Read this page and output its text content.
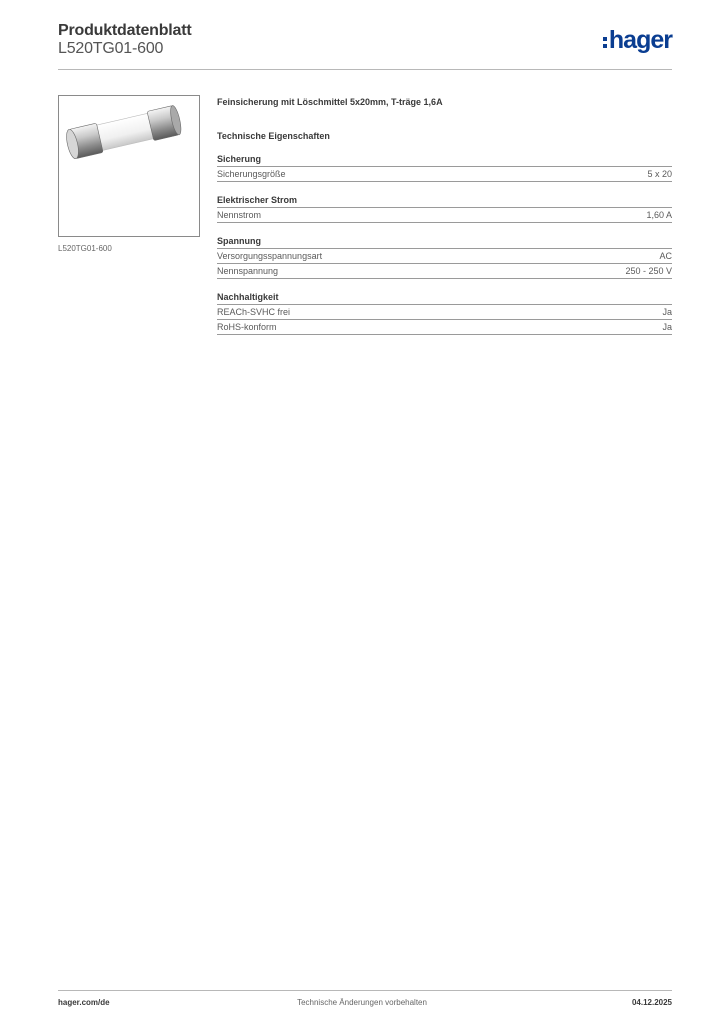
Produktdatenblatt
L520TG01-600	hager
L520TG01-600
Feinsicherung mit Löschmittel 5x20mm, T-träge 1,6A
Technische Eigenschaften
Sicherung
Sicherungsgröße	5 x 20
Elektrischer Strom
Nennstrom	1,60 A
Spannung
Versorgungsspannungsart	AC
Nennspannung	250 - 250 V
Nachhaltigkeit
REACh-SVHC frei	Ja
RoHS-konform	Ja
hager.com/de	Technische Änderungen vorbehalten	04.12.2025
